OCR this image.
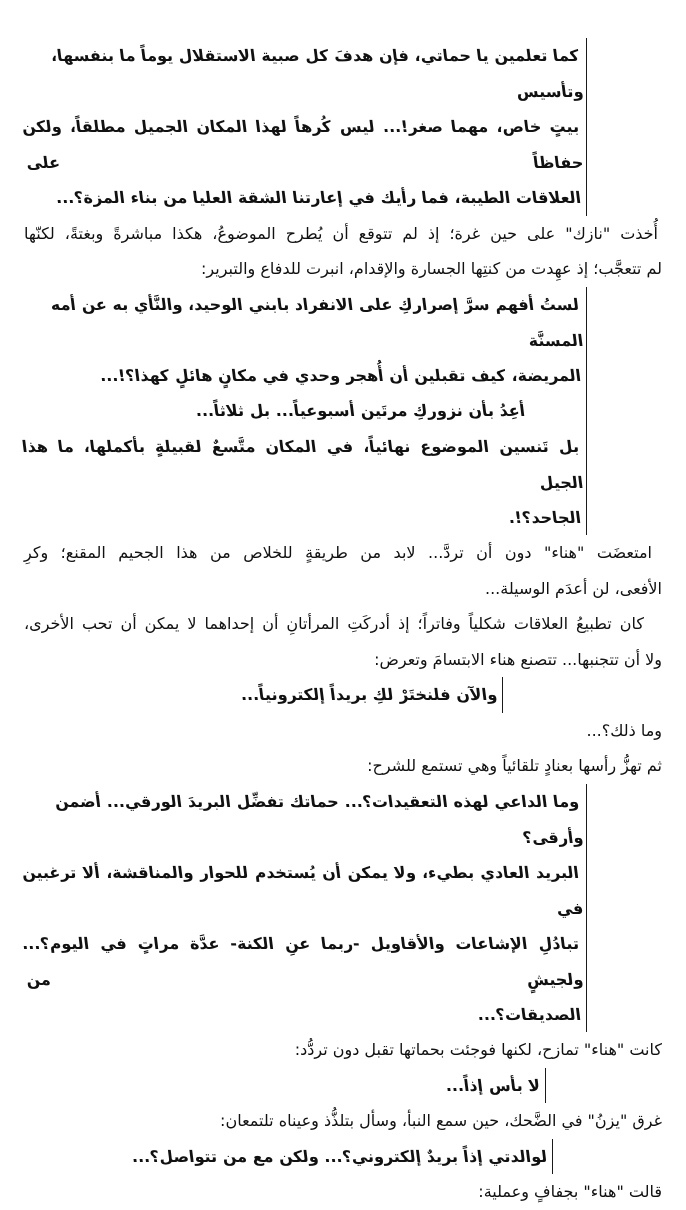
كما تعلمين يا حماتي، فإن هدفَ كل صبية الاستقلال يوماً ما بنفسها، وتأسيس
بيتٍ خاص، مهما صغر!... ليس كُرهاً لهذا المكان الجميل مطلقاً، ولكن حفاظاً على
العلاقات الطيبة، فما رأيك في إعارتنا الشقة العليا من بناء المزة؟...
أُخذت "نازك" على حين غرة؛ إذ لم تتوقع أن يُطرح الموضوعُ، هكذا مباشرةً وبغتةً، لكنّها
لم تتعجَّب؛ إذ عهِدت من كنتِها الجسارة والإقدام، انبرت للدفاع والتبرير:
لستُ أفهم سرَّ إصراركِ على الانفراد بابني الوحيد، والنَّأي به عن أمه المسنَّة
المريضة، كيف تقبلين أن أُهجر وحدي في مكانٍ هائلٍ كهذا؟!...
أعِدُ بأن نزوركِ مرتَين أسبوعياً... بل ثلاثاً...
بل تَنسين الموضوع نهائياً، في المكان متَّسعٌ لقبيلةٍ بأكملها، ما هذا الجيل
الجاحد؟!.
امتعضَت "هناء" دون أن تردَّ... لابد من طريقةٍ للخلاص من هذا الجحيم المقنع؛ وكرِ
الأفعى، لن أعدَم الوسيلة...
كان تطبيعُ العلاقات شكلياً وفاتراً؛ إذ أدركَتِ المرأتانِ أن إحداهما لا يمكن أن تحب الأخرى،
ولا أن تتجنبها... تتصنع هناء الابتسامَ وتعرض:
والآن فلنختَرْ لكِ بريداً إلكترونياً...
وما ذلك؟...
ثم تهزُّ رأسها بعنادٍ تلقائياً وهي تستمع للشرح:
وما الداعي لهذه التعقيدات؟... حماتك تفضِّل البريدَ الورقي... أضمن وأرقى؟
البريد العادي بطيء، ولا يمكن أن يُستخدم للحوار والمناقشة، ألا ترغبين في
تبادُلِ الإشاعات والأقاويل -ربما عنِ الكنة- عدَّة مراتٍ في اليوم؟... ولجيشٍ من
الصديقات؟...
كانت "هناء" تمازح، لكنها فوجئت بحماتها تقبل دون تردُّد:
لا بأس إذاً...
غرق "يزنُ" في الضَّحك، حين سمع النبأ، وسأل بتلذُّذ وعيناه تلتمعان:
لوالدتي إذاً بريدٌ إلكتروني؟... ولكن مع من تتواصل؟...
قالت "هناء" بجفافٍ وعملية:
